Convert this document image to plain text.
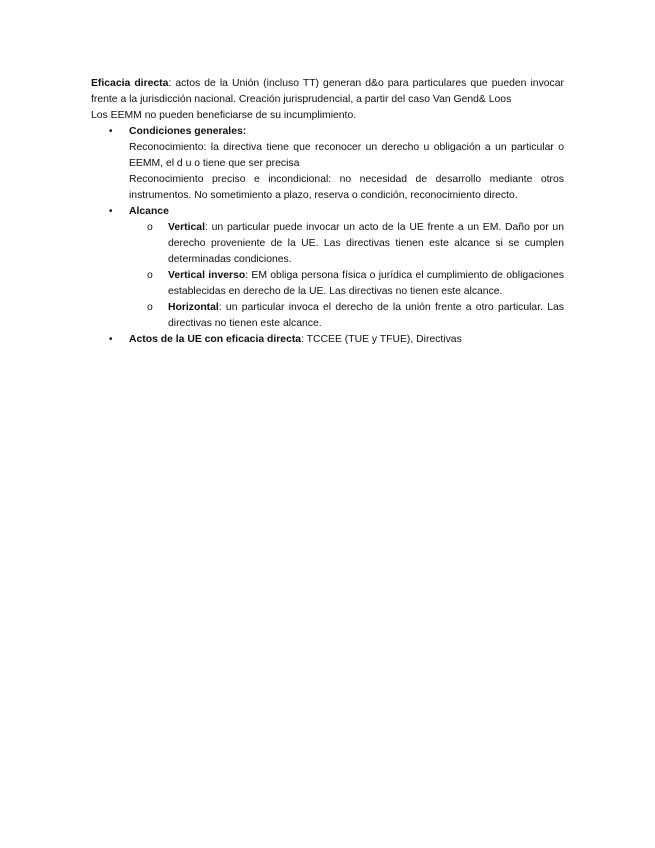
Eficacia directa: actos de la Unión (incluso TT) generan d&o para particulares que pueden invocar frente a la jurisdicción nacional. Creación jurisprudencial, a partir del caso Van Gend& Loos

Los EEMM no pueden beneficiarse de su incumplimiento.

• Condiciones generales:

Reconocimiento: la directiva tiene que reconocer un derecho u obligación a un particular o EEMM, el d u o tiene que ser precisa

Reconocimiento preciso e incondicional: no necesidad de desarrollo mediante otros instrumentos. No sometimiento a plazo, reserva o condición, reconocimiento directo.

• Alcance
o Vertical: un particular puede invocar un acto de la UE frente a un EM. Daño por un derecho proveniente de la UE. Las directivas tienen este alcance si se cumplen determinadas condiciones.

o Vertical inverso: EM obliga persona física o jurídica el cumplimiento de obligaciones establecidas en derecho de la UE. Las directivas no tienen este alcance.

o Horizontal: un particular invoca el derecho de la unión frente a otro particular. Las directivas no tienen este alcance.

• Actos de la UE con eficacia directa: TCCEE (TUE y TFUE), Directivas
